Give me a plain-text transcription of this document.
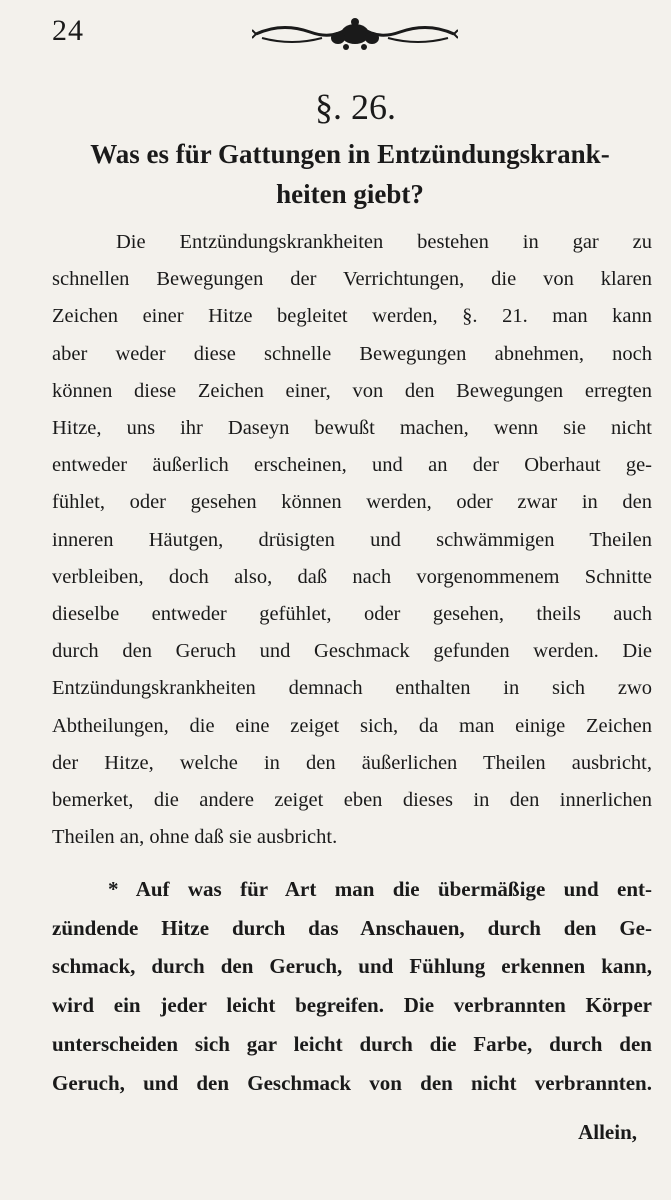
24
§. 26.
Was es für Gattungen in Entzündungskrank-
heiten giebt?
Die Entzündungskrankheiten bestehen in gar zu
schnellen Bewegungen der Verrichtungen, die von klaren
Zeichen einer Hitze begleitet werden, §. 21. man kann
aber weder diese schnelle Bewegungen abnehmen, noch
können diese Zeichen einer, von den Bewegungen erregten
Hitze, uns ihr Daseyn bewußt machen, wenn sie nicht
entweder äußerlich erscheinen, und an der Oberhaut ge-
fühlet, oder gesehen können werden, oder zwar in den
inneren Häutgen, drüsigten und schwämmigen Theilen
verbleiben, doch also, daß nach vorgenommenem Schnitte
dieselbe entweder gefühlet, oder gesehen, theils auch
durch den Geruch und Geschmack gefunden werden. Die
Entzündungskrankheiten demnach enthalten in sich zwo
Abtheilungen, die eine zeiget sich, da man einige Zeichen
der Hitze, welche in den äußerlichen Theilen ausbricht,
bemerket, die andere zeiget eben dieses in den innerlichen
Theilen an, ohne daß sie ausbricht.
* Auf was für Art man die übermäßige und ent-
zündende Hitze durch das Anschauen, durch den Ge-
schmack, durch den Geruch, und Fühlung erkennen kann,
wird ein jeder leicht begreifen. Die verbrannten Körper
unterscheiden sich gar leicht durch die Farbe, durch den
Geruch, und den Geschmack von den nicht verbrannten.
Allein,
